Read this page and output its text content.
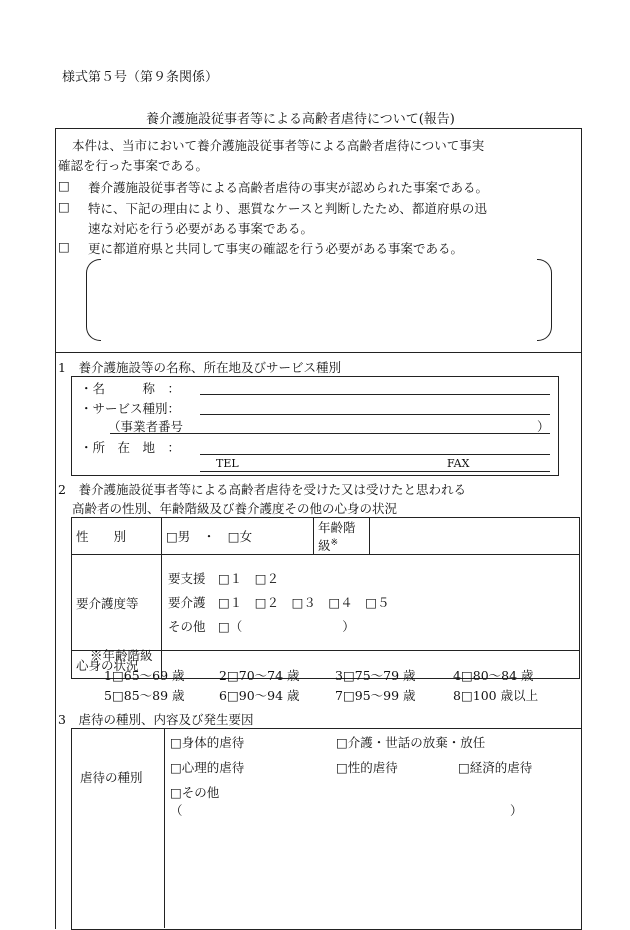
様式第５号（第９条関係）
養介護施設従事者等による高齢者虐待について(報告)
本件は、当市において養介護施設従事者等による高齢者虐待について事実
確認を行った事案である。
□ 養介護施設従事者等による高齢者虐待の事実が認められた事案である。
□ 特に、下記の理由により、悪質なケースと判断したため、都道府県の迅
速な対応を行う必要がある事案である。
□ 更に都道府県と共同して事実の確認を行う必要がある事案である。
1　養介護施設等の名称、所在地及びサービス種別
・名　　　称　：
・サービス種別：
（事業者番号	）
・所　在　地　：
TEL	FAX
2　養介護施設従事者等による高齢者虐待を受けた又は受けたと思われる
高齢者の性別、年齢階級及び養介護度その他の心身の状況
性　　別	□男　・　□女	年齢階級※	
要介護度等	要支援　□１　□２
要介護　□１　□２　□３　□４　□５
その他　□（　　　　　　　　）		

心身の状況			
※年齢階級
1□65～69 歳	2□70～74 歳	3□75～79 歳	4□80～84 歳
5□85～89 歳	6□90～94 歳	7□95～99 歳	8□100 歳以上
3　虐待の種別、内容及び発生要因
虐待の種別
□身体的虐待	□介護・世話の放棄・放任
□心理的虐待	□性的虐待	□経済的虐待
□その他
（	）
